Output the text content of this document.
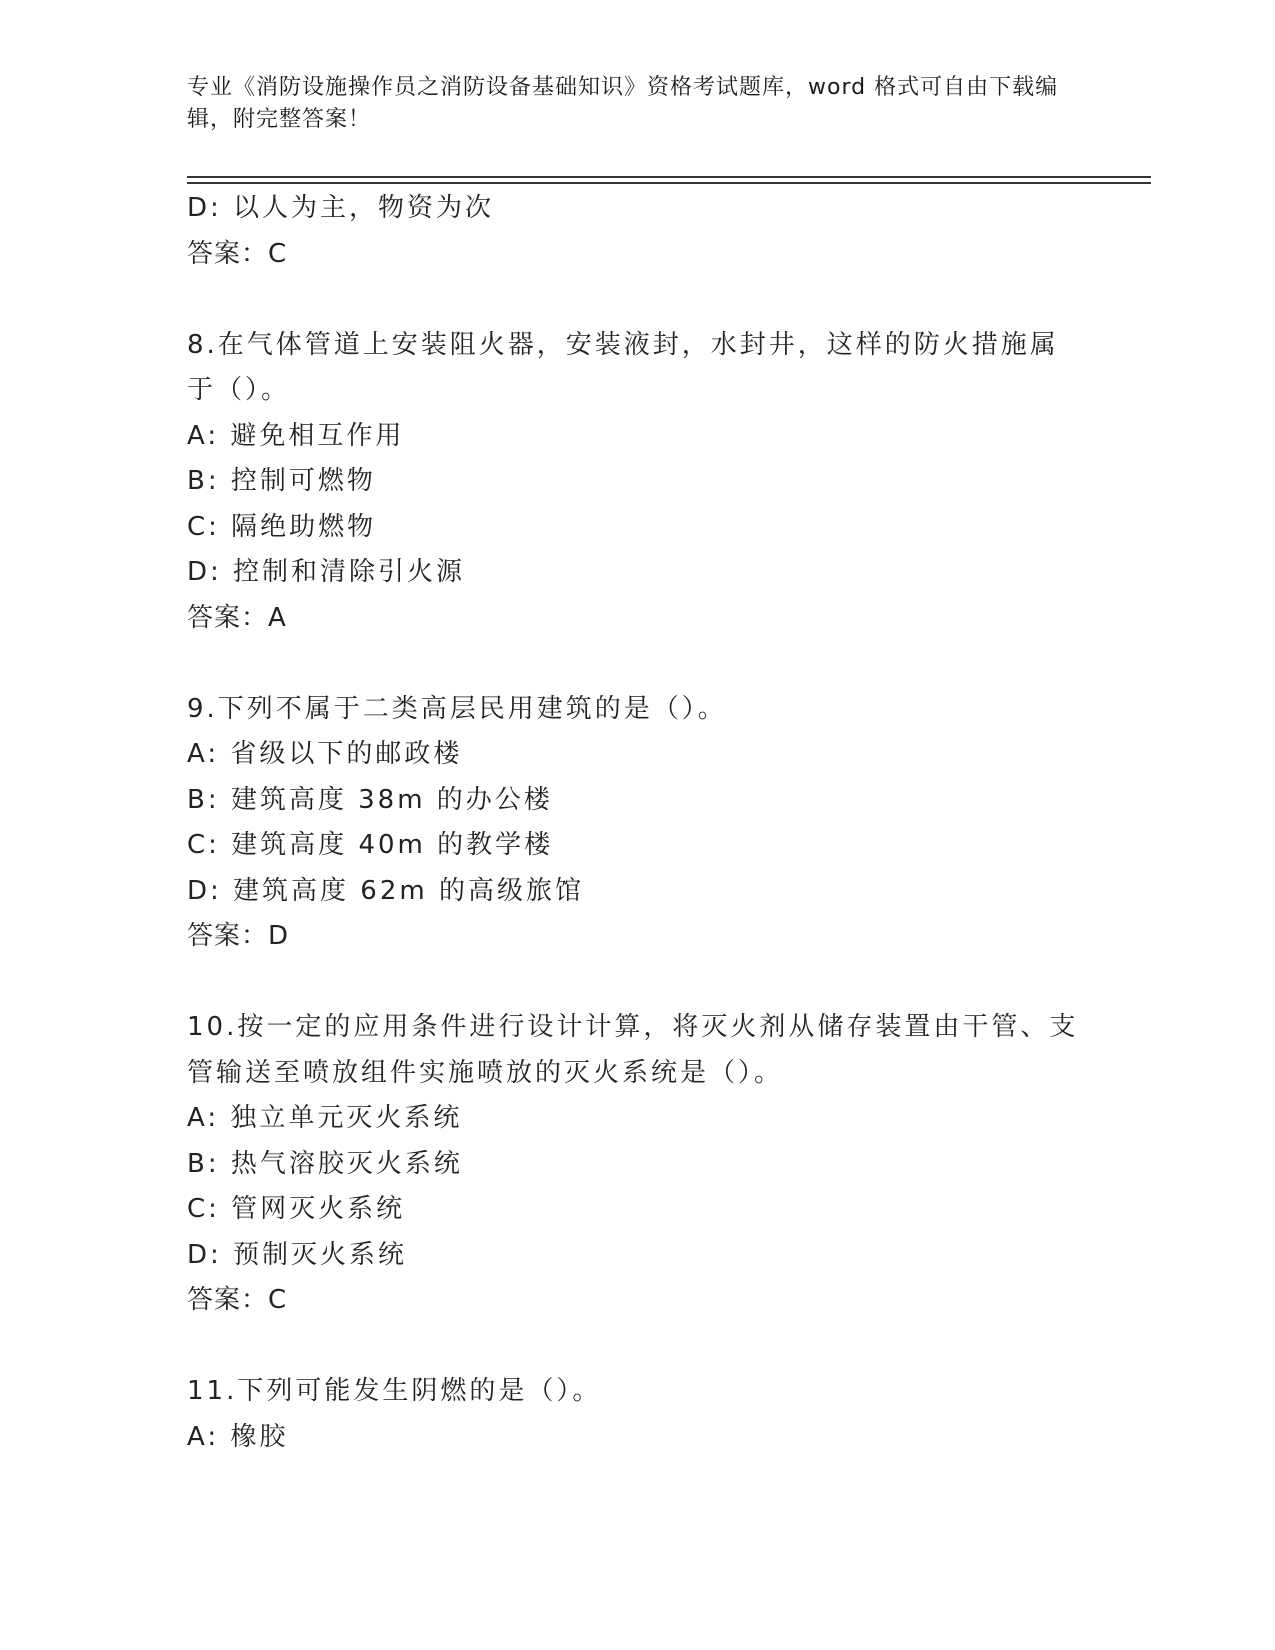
专业《消防设施操作员之消防设备基础知识》资格考试题库，word 格式可自由下载编辑，附完整答案！
D: 以人为主，物资为次
答案：C
8.在气体管道上安装阻火器，安装液封，水封井，这样的防火措施属
于（）。
A: 避免相互作用
B: 控制可燃物
C: 隔绝助燃物
D: 控制和清除引火源
答案：A
9.下列不属于二类高层民用建筑的是（）。
A: 省级以下的邮政楼
B: 建筑高度 38m 的办公楼
C: 建筑高度 40m 的教学楼
D: 建筑高度 62m 的高级旅馆
答案：D
10.按一定的应用条件进行设计计算，将灭火剂从储存装置由干管、支
管输送至喷放组件实施喷放的灭火系统是（）。
A: 独立单元灭火系统
B: 热气溶胶灭火系统
C: 管网灭火系统
D: 预制灭火系统
答案：C
11.下列可能发生阴燃的是（）。
A: 橡胶
